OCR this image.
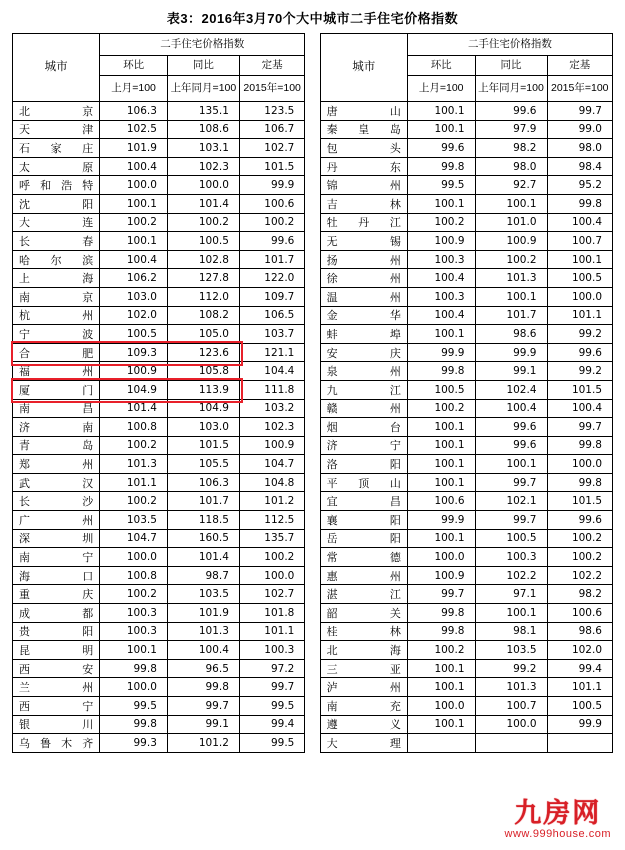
表3：2016年3月70个大中城市二手住宅价格指数
城市	二手住宅价格指数				城市	二手住宅价格指数		
	环比	同比	定基			环比	同比	定基
	上月=100	上年同月=100	2015年=100			上月=100	上年同月=100	2015年=100

北 京	106.3	135.1	123.5		唐 山	100.1	99.6	99.7

天 津	102.5	108.6	106.7		秦 皇 岛	100.1	97.9	99.0

石 家 庄	101.9	103.1	102.7		包 头	99.6	98.2	98.0

太 原	100.4	102.3	101.5		丹 东	99.8	98.0	98.4

呼 和 浩 特	100.0	100.0	99.9		锦 州	99.5	92.7	95.2

沈 阳	100.1	101.4	100.6		吉 林	100.1	100.1	99.8

大 连	100.2	100.2	100.2		牡 丹 江	100.2	101.0	100.4

长 春	100.1	100.5	99.6		无 锡	100.9	100.9	100.7

哈 尔 滨	100.4	102.8	101.7		扬 州	100.3	100.2	100.1

上 海	106.2	127.8	122.0		徐 州	100.4	101.3	100.5

南 京	103.0	112.0	109.7		温 州	100.3	100.1	100.0

杭 州	102.0	108.2	106.5		金 华	100.4	101.7	101.1

宁 波	100.5	105.0	103.7		蚌 埠	100.1	98.6	99.2

合 肥	109.3	123.6	121.1		安 庆	99.9	99.9	99.6

福 州	100.9	105.8	104.4		泉 州	99.8	99.1	99.2

厦 门	104.9	113.9	111.8		九 江	100.5	102.4	101.5

南 昌	101.4	104.9	103.2		赣 州	100.2	100.4	100.4

济 南	100.8	103.0	102.3		烟 台	100.1	99.6	99.7

青 岛	100.2	101.5	100.9		济 宁	100.1	99.6	99.8

郑 州	101.3	105.5	104.7		洛 阳	100.1	100.1	100.0

武 汉	101.1	106.3	104.8		平 顶 山	100.1	99.7	99.8

长 沙	100.2	101.7	101.2		宜 昌	100.6	102.1	101.5

广 州	103.5	118.5	112.5		襄 阳	99.9	99.7	99.6

深 圳	104.7	160.5	135.7		岳 阳	100.1	100.5	100.2

南 宁	100.0	101.4	100.2		常 德	100.0	100.3	100.2

海 口	100.8	98.7	100.0		惠 州	100.9	102.2	102.2

重 庆	100.2	103.5	102.7		湛 江	99.7	97.1	98.2

成 都	100.3	101.9	101.8		韶 关	99.8	100.1	100.6

贵 阳	100.3	101.3	101.1		桂 林	99.8	98.1	98.6

昆 明	100.1	100.4	100.3		北 海	100.2	103.5	102.0

西 安	99.8	96.5	97.2		三 亚	100.1	99.2	99.4

兰 州	100.0	99.8	99.7		泸 州	100.1	101.3	101.1

西 宁	99.5	99.7	99.5		南 充	100.0	100.7	100.5

银 川	99.8	99.1	99.4		遵 义	100.1	100.0	99.9

乌 鲁 木 齐	99.3	101.2	99.5		大 理			

九房网
www.999house.com
